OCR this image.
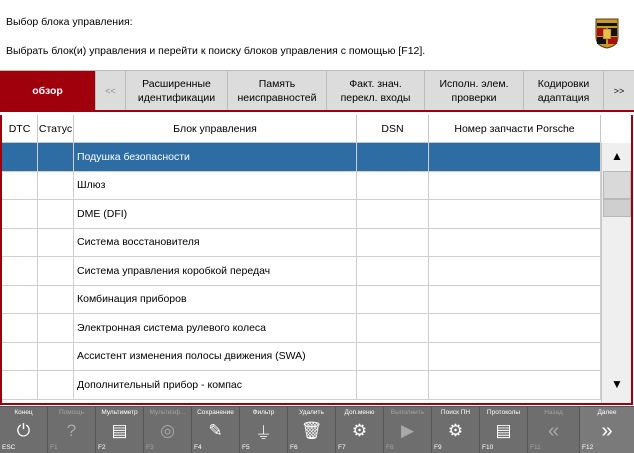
Выбор блока управления:
Выбрать блок(и) управления и перейти к поиску блоков управления с помощью [F12].
обзор	<<
Расширенные
идентификации
Память
неисправностей
Факт. знач.
перекл. входы
Исполн. элем.
проверки
Кодировки
адаптация
>>
DTC Статус	Блок управления	DSN	Номер запчасти Porsche
Подушка безопасности
Шлюз
DME (DFI)
Система восстановителя
Система управления коробкой передач
Комбинация приборов
Электронная система рулевого колеса
Ассистент изменения полосы движения (SWA)
Дополнительный прибор - компас
▲
▼
Конец
⏻
ESC
Помощь
?
F1
Мультиметр
▤
F2
Мультиэф...
◎
F3
Сохранение
✎
F4
Фильтр
⏚
F5
Удалить
🗑
F6
Доп.меню
⚙
F7
Выполнить
▶
F8
Поиск ПН
⚙
F9
Протоколы
▤
F10
Назад
«
F11
Далее
»
F12
